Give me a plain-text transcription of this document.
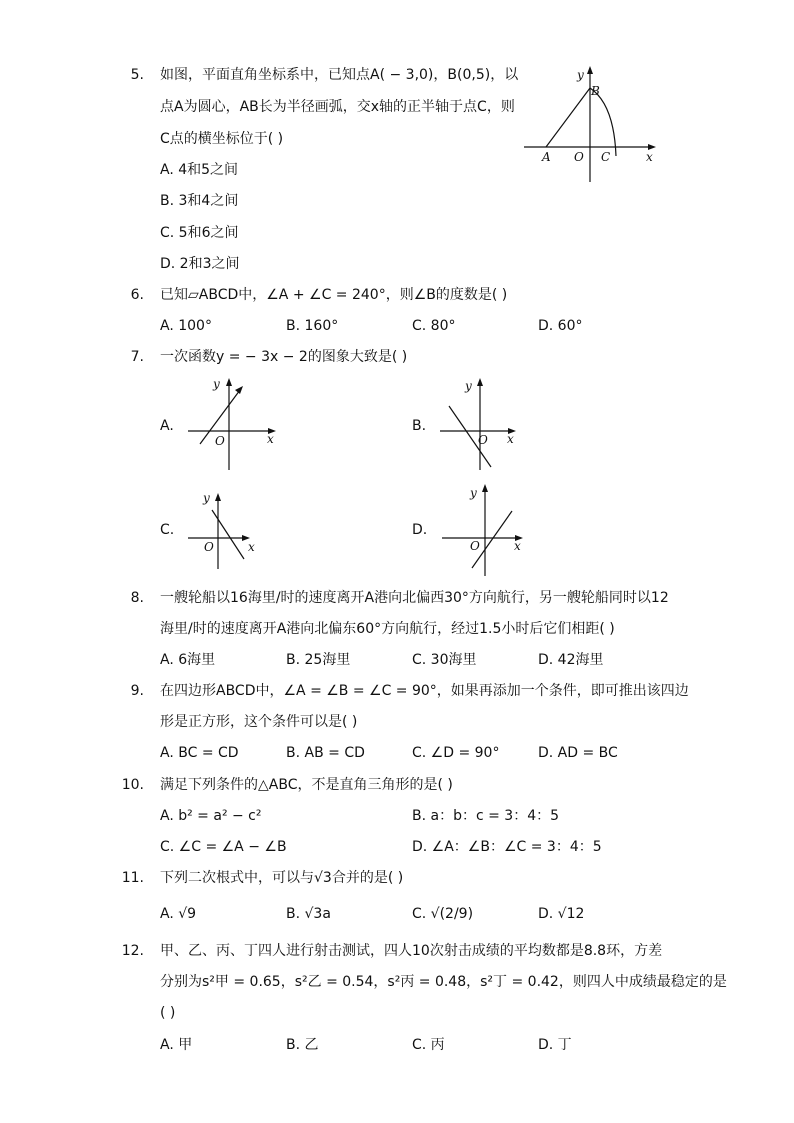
5. 如图，平面直角坐标系中，已知点A( − 3,0)，B(0,5)，以
点A为圆心，AB长为半径画弧，交x轴的正半轴于点C，则
C点的横坐标位于( )
A. 4和5之间
B. 3和4之间
C. 5和6之间
D. 2和3之间
y
x
A O C
B
6. 已知▱ABCD中，∠A + ∠C = 240°，则∠B的度数是( )
A. 100°	B. 160°	C. 80°	D. 60°
7. 一次函数y = − 3x − 2的图象大致是( )
A.	B.
C.	D.
y
x
O
y
x
O
y
x
O
y
x
O
8. 一艘轮船以16海里/时的速度离开A港向北偏西30°方向航行，另一艘轮船同时以12
海里/时的速度离开A港向北偏东60°方向航行，经过1.5小时后它们相距( )
A. 6海里	B. 25海里	C. 30海里	D. 42海里
9. 在四边形ABCD中，∠A = ∠B = ∠C = 90°，如果再添加一个条件，即可推出该四边
形是正方形，这个条件可以是( )
A. BC = CD	B. AB = CD	C. ∠D = 90°	D. AD = BC
10. 满足下列条件的△ABC，不是直角三角形的是( )
A. b² = a² − c²	B. a：b：c = 3：4：5
C. ∠C = ∠A − ∠B	D. ∠A：∠B：∠C = 3：4：5
11. 下列二次根式中，可以与√3合并的是( )
A. √9	B. √3a	C. √(2/9)	D. √12
12. 甲、乙、丙、丁四人进行射击测试，四人10次射击成绩的平均数都是8.8环，方差
分别为s²甲 = 0.65，s²乙 = 0.54，s²丙 = 0.48，s²丁 = 0.42，则四人中成绩最稳定的是
( )
A. 甲	B. 乙	C. 丙	D. 丁
